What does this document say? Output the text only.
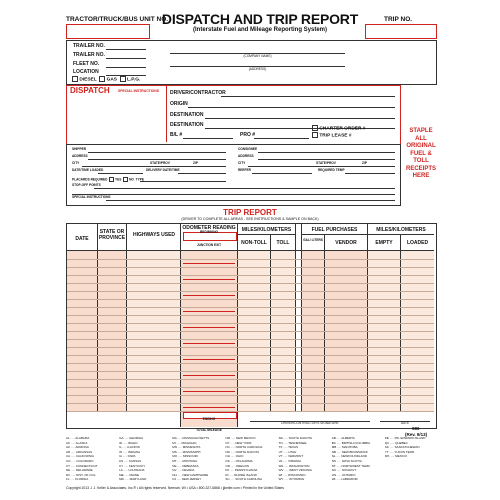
TRACTOR/TRUCK/BUS UNIT NO.
DISPATCH AND TRIP REPORT
(Interstate Fuel and Mileage Reporting System)
TRIP NO.
TRAILER NO.
TRAILER NO.
FLEET NO.
LOCATION
DIESEL GAS L.P.G.
(COMPANY NAME)
(ADDRESS)
DISPATCH SPECIAL INSTRUCTIONS DRIVER/CONTRACTOR
ORIGIN
DESTINATION
DESTINATION
B/L #	PRO #
CHARTER ORDER #
TRIP LEASE #
STAPLE ALL ORIGINAL FUEL & TOLL RECEIPTS HERE
SHIPPER	CONSIGNEE
ADDRESS	ADDRESS
CITY	STATE/PROV	ZIP	CITY	STATE/PROV	ZIP
DATE/TIME LOADED	DELIVERY DATE/TIME	REEFER	REQUIRED TEMP
PLACARDS REQUIRED YES NO TYPE
STOP-OFF POINTS
SPECIAL INSTRUCTIONS
TRIP REPORT
(DRIVER TO COMPLETE ALL AREAS - SEE INSTRUCTIONS & SAMPLE ON BACK)
DATE
STATE OR PROVINCE	HIGHWAYS USED
ODOMETER READING
BEGINNING
JUNCTION EXIT
MILES/KILOMETERS
NON-TOLL	TOLL
FUEL PURCHASES
GAL/ LITERS	VENDOR
MILES/KILOMETERS
EMPTY	LOADED
ENDING
TOTAL MILEAGE
DRIVER/CONTRACTOR'S SIGNATURE	DATE
986
(Rev. 9/13)
AL ..... ALABAMA
AK ..... ALASKA
AZ ..... ARIZONA
AR ..... ARKANSAS
CA ..... CALIFORNIA
CO ..... COLORADO
CT ..... CONNECTICUT
DE ..... DELAWARE
DC ..... DIST. OF COL.
FL ..... FLORIDA
GA ..... GEORGIA
ID ..... IDAHO
IL ..... ILLINOIS
IN ..... INDIANA
IA ..... IOWA
KS ..... KANSAS
KY ..... KENTUCKY
LA ..... LOUISIANA
ME ..... MAINE
MD ..... MARYLAND
MA ..... MASSACHUSETTS
MI ..... MICHIGAN
MN ..... MINNESOTA
MS ..... MISSISSIPPI
MO ..... MISSOURI
MT ..... MONTANA
NE ..... NEBRASKA
NV ..... NEVADA
NH ..... NEW HAMPSHIRE
NJ ..... NEW JERSEY
NM ..... NEW MEXICO
NY ..... NEW YORK
NC ..... NORTH CAROLINA
ND ..... NORTH DAKOTA
OH ..... OHIO
OK ..... OKLAHOMA
OR ..... OREGON
PA ..... PENNSYLVANIA
RI ..... RHODE ISLAND
SC ..... SOUTH CAROLINA
SD ..... SOUTH DAKOTA
TN ..... TENNESSEE
TX ..... TEXAS
UT ..... UTAH
VT ..... VERMONT
VA ..... VIRGINIA
WA ..... WASHINGTON
WV ..... WEST VIRGINIA
WI ..... WISCONSIN
WY ..... WYOMING
AB ..... ALBERTA
BC ..... BRITISH COLUMBIA
MB ..... MANITOBA
NB ..... NEW BRUNSWICK
NL ..... NEWFOUNDLAND
NS ..... NOVA SCOTIA
NT ..... NORTHWEST TERR.
NU ..... NUNAVUT
ON ..... ONTARIO
LB ..... LABRADOR
PE ..... PR. EDWARD ISLAND
QC ..... QUEBEC
SK ..... SASKATCHEWAN
YT ..... YUKON TERR.
MX ..... MEXICO
Copyright 2013 J. J. Keller & Associates, Inc.® • All rights reserved. Neenah, WI • USA • 800-327-6868 • jjkeller.com • Printed in the United States
